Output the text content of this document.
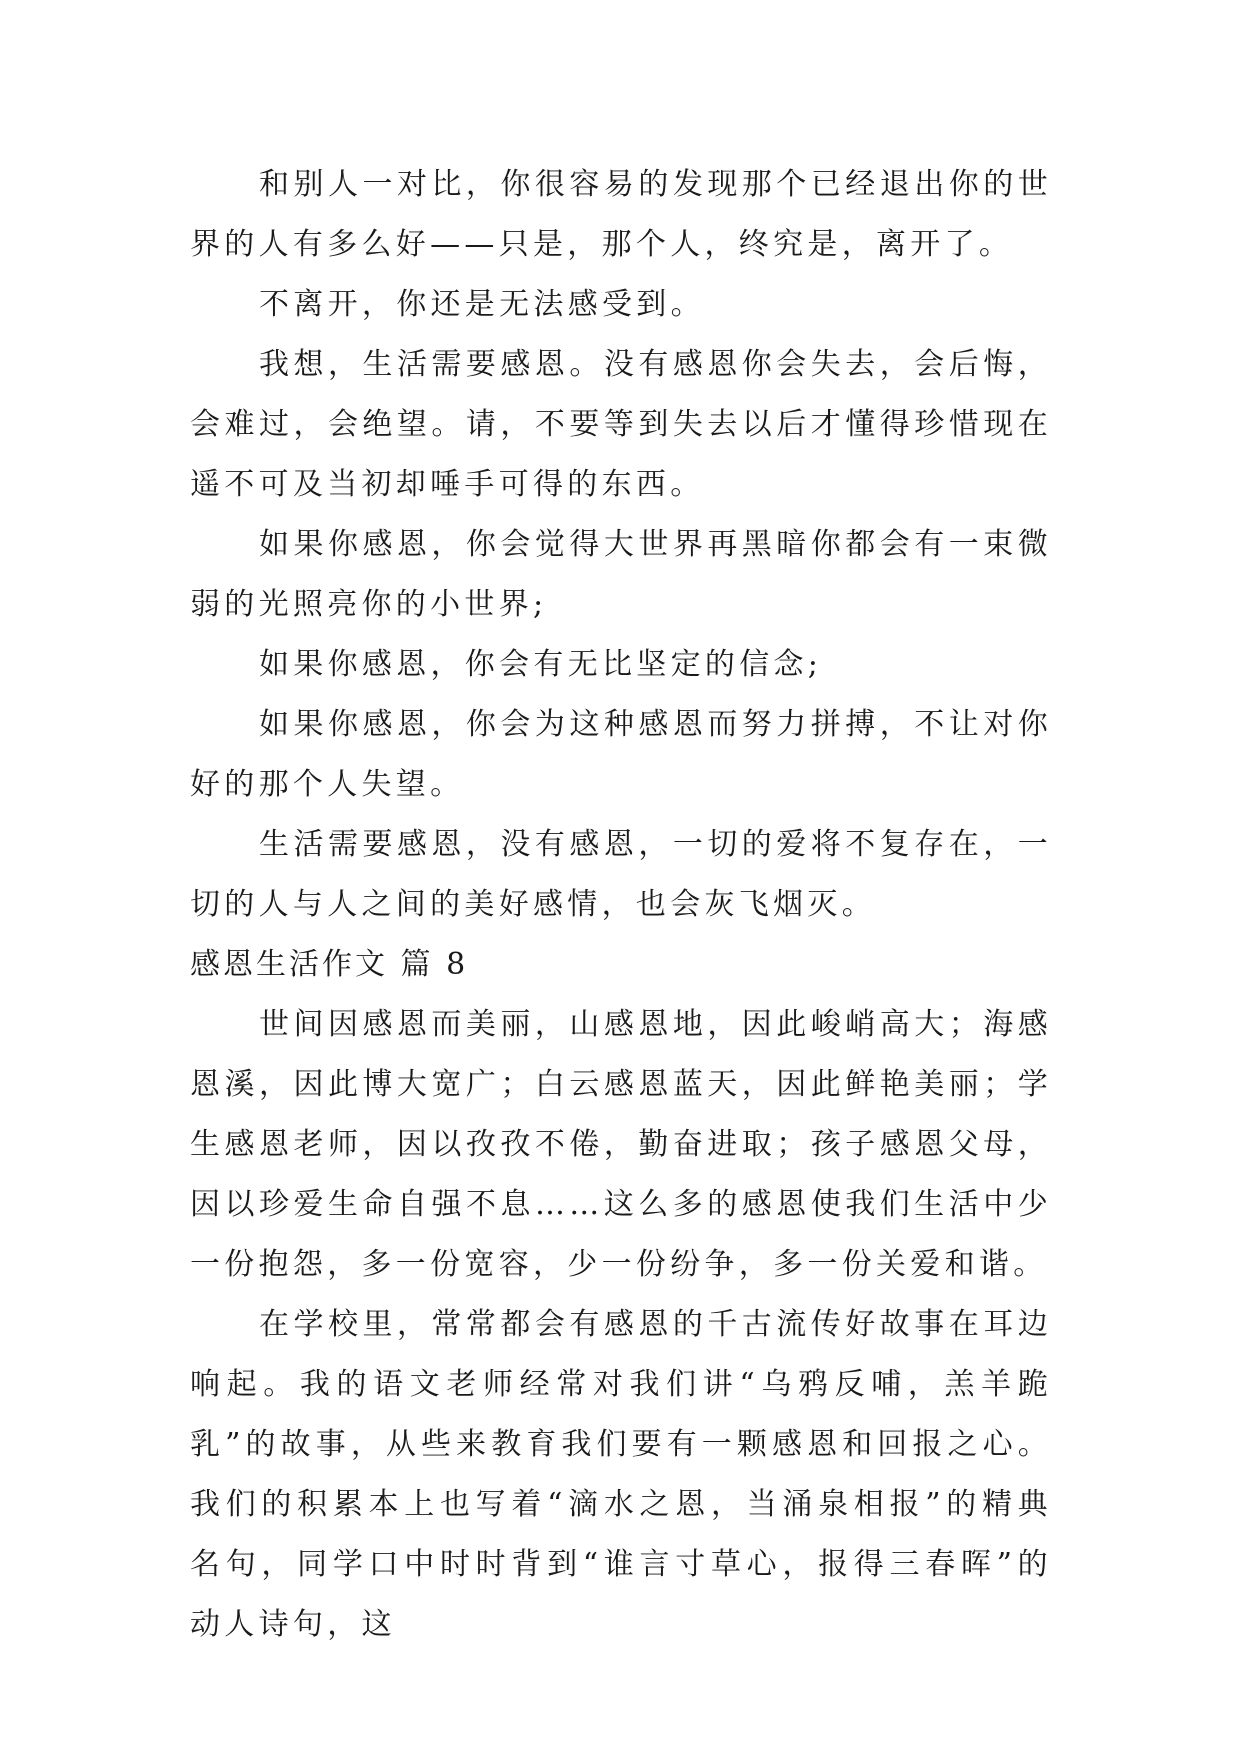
和别人一对比，你很容易的发现那个已经退出你的世界的人有多么好——只是，那个人，终究是，离开了。

不离开，你还是无法感受到。

我想，生活需要感恩。没有感恩你会失去，会后悔，会难过，会绝望。请，不要等到失去以后才懂得珍惜现在遥不可及当初却唾手可得的东西。

如果你感恩，你会觉得大世界再黑暗你都会有一束微弱的光照亮你的小世界;

如果你感恩，你会有无比坚定的信念;

如果你感恩，你会为这种感恩而努力拼搏，不让对你好的那个人失望。

生活需要感恩，没有感恩，一切的爱将不复存在，一切的人与人之间的美好感情，也会灰飞烟灭。

感恩生活作文 篇 8

世间因感恩而美丽，山感恩地，因此峻峭高大；海感恩溪，因此博大宽广；白云感恩蓝天，因此鲜艳美丽；学生感恩老师，因以孜孜不倦，勤奋进取；孩子感恩父母，因以珍爱生命自强不息……这么多的感恩使我们生活中少一份抱怨，多一份宽容，少一份纷争，多一份关爱和谐。

在学校里，常常都会有感恩的千古流传好故事在耳边响起。我的语文老师经常对我们讲“乌鸦反哺，羔羊跪乳”的故事，从些来教育我们要有一颗感恩和回报之心。我们的积累本上也写着“滴水之恩，当涌泉相报”的精典名句，同学口中时时背到“谁言寸草心，报得三春晖”的动人诗句，这
